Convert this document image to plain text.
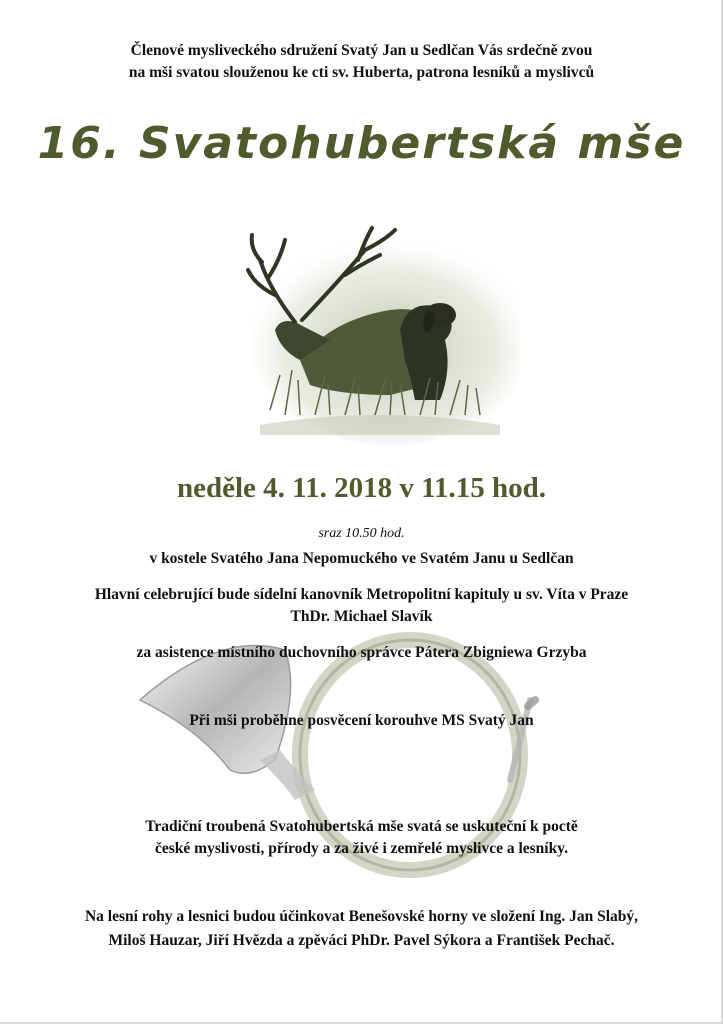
Členové mysliveckého sdružení Svatý Jan u Sedlčan Vás srdečně zvou

na mši svatou slouženou ke cti sv. Huberta, patrona lesníků a myslivců

16. Svatohubertská mše

neděle 4. 11. 2018 v 11.15 hod.

sraz 10.50 hod.

v kostele Svatého Jana Nepomuckého ve Svatém Janu u Sedlčan

Hlavní celebrující bude sídelní kanovník Metropolitní kapituly u sv. Víta v Praze

ThDr. Michael Slavík

za asistence místního duchovního správce Pátera Zbigniewa Grzyba

Při mši proběhne posvěcení korouhve MS Svatý Jan

Tradiční troubená Svatohubertská mše svatá se uskuteční k poctě

české myslivosti, přírody a za živé i zemřelé myslivce a lesníky.

Na lesní rohy a lesnici budou účinkovat Benešovské horny ve složení Ing. Jan Slabý,

Miloš Hauzar, Jiří Hvězda a zpěváci PhDr. Pavel Sýkora a František Pechač.
